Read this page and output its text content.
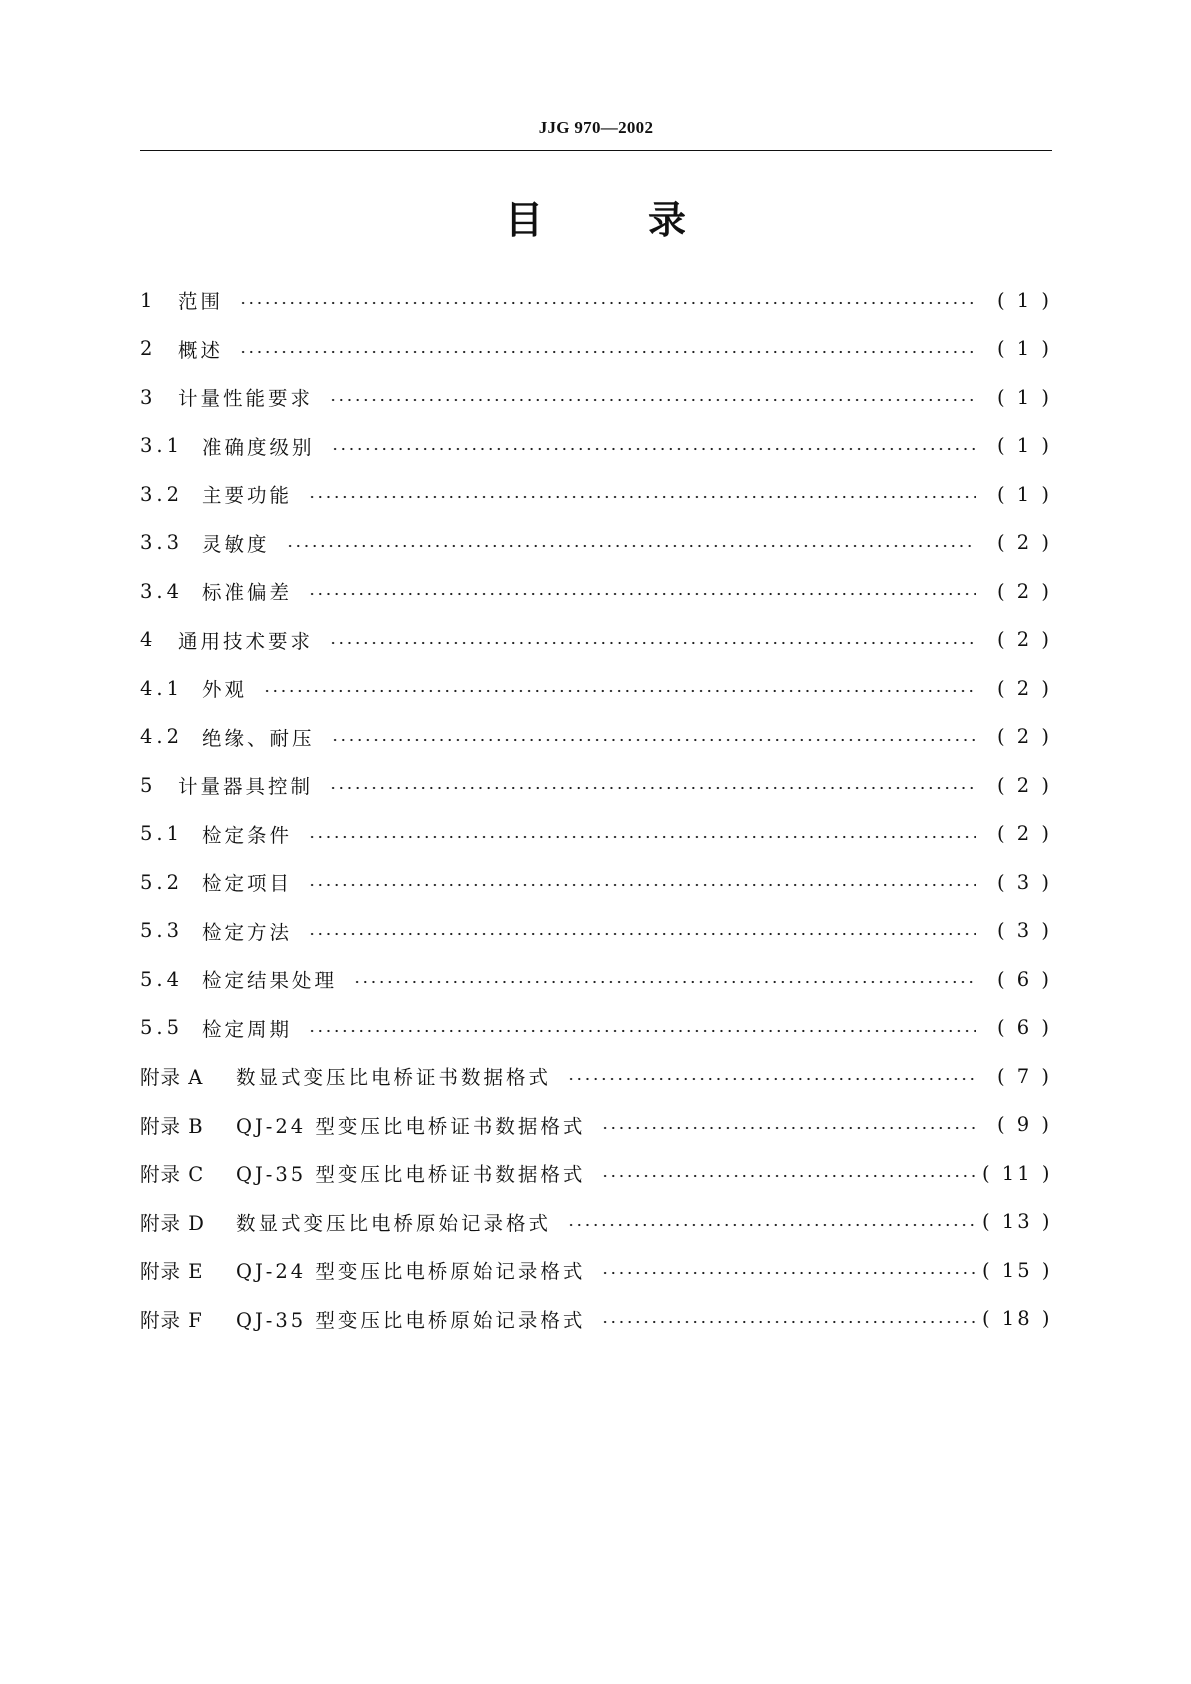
JJG 970—2002
目	录
1	范围	( 1 )
2	概述	( 1 )
3	计量性能要求	( 1 )
3.1 准确度级别	( 1 )
3.2 主要功能	( 1 )
3.3 灵敏度	( 2 )
3.4 标准偏差	( 2 )
4	通用技术要求	( 2 )
4.1 外观	( 2 )
4.2 绝缘、耐压	( 2 )
5	计量器具控制	( 2 )
5.1 检定条件	( 2 )
5.2 检定项目	( 3 )
5.3 检定方法	( 3 )
5.4 检定结果处理	( 6 )
5.5 检定周期	( 6 )
附录 A	数显式变压比电桥证书数据格式	( 7 )
附录 B	QJ-24 型变压比电桥证书数据格式	( 9 )
附录 C	QJ-35 型变压比电桥证书数据格式	( 11 )
附录 D	数显式变压比电桥原始记录格式	( 13 )
附录 E	QJ-24 型变压比电桥原始记录格式	( 15 )
附录 F	QJ-35 型变压比电桥原始记录格式	( 18 )
